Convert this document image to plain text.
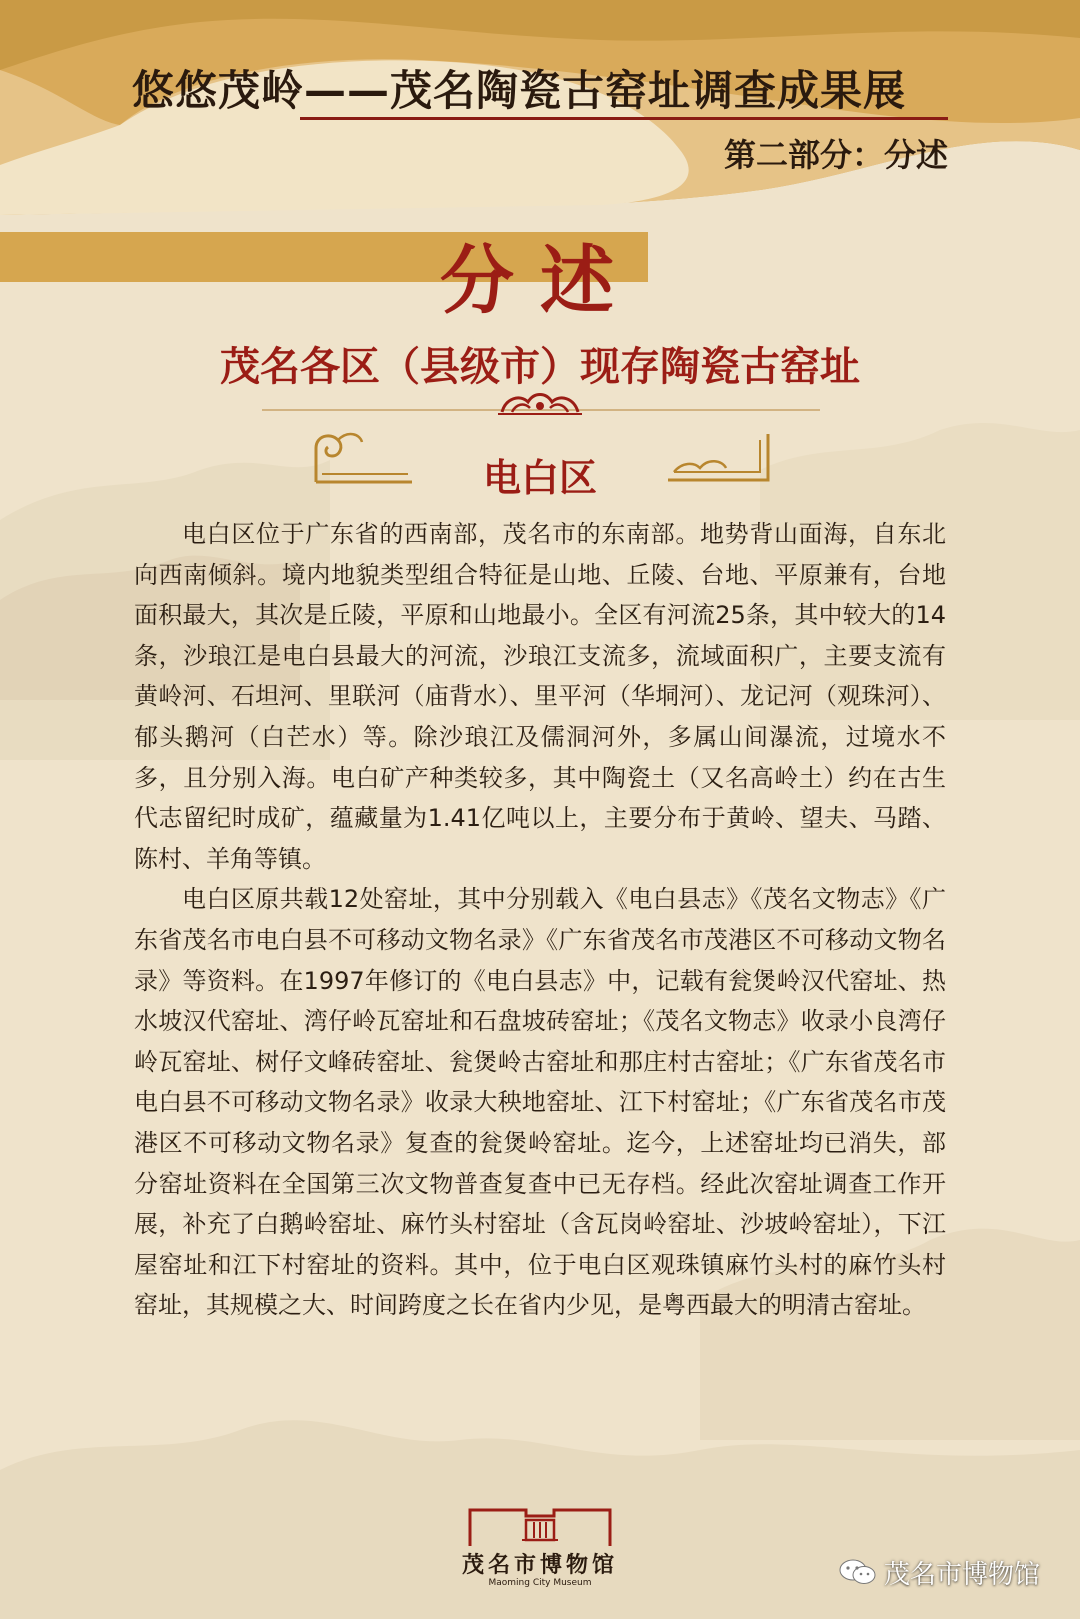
悠悠茂岭——茂名陶瓷古窑址调查成果展
第二部分：分述
分述
茂名各区（县级市）现存陶瓷古窑址
电白区

电白区位于广东省的西南部，茂名市的东南部。地势背山面海，自东北向西南倾斜。境内地貌类型组合特征是山地、丘陵、台地、平原兼有，台地面积最大，其次是丘陵，平原和山地最小。全区有河流25条，其中较大的14条，沙琅江是电白县最大的河流，沙琅江支流多，流域面积广，主要支流有黄岭河、石坦河、里联河（庙背水）、里平河（华垌河）、龙记河（观珠河）、郁头鹅河（白芒水）等。除沙琅江及儒洞河外，多属山间瀑流，过境水不多，且分别入海。电白矿产种类较多，其中陶瓷土（又名高岭土）约在古生代志留纪时成矿，蕴藏量为1.41亿吨以上，主要分布于黄岭、望夫、马踏、陈村、羊角等镇。

电白区原共载12处窑址，其中分别载入《电白县志》《茂名文物志》《广东省茂名市电白县不可移动文物名录》《广东省茂名市茂港区不可移动文物名录》等资料。在1997年修订的《电白县志》中，记载有瓮煲岭汉代窑址、热水坡汉代窑址、湾仔岭瓦窑址和石盘坡砖窑址；《茂名文物志》收录小良湾仔岭瓦窑址、树仔文峰砖窑址、瓮煲岭古窑址和那庄村古窑址；《广东省茂名市电白县不可移动文物名录》收录大秧地窑址、江下村窑址；《广东省茂名市茂港区不可移动文物名录》复查的瓮煲岭窑址。迄今，上述窑址均已消失，部分窑址资料在全国第三次文物普查复查中已无存档。经此次窑址调查工作开展，补充了白鹅岭窑址、麻竹头村窑址（含瓦岗岭窑址、沙坡岭窑址），下江屋窑址和江下村窑址的资料。其中，位于电白区观珠镇麻竹头村的麻竹头村窑址，其规模之大、时间跨度之长在省内少见，是粤西最大的明清古窑址。

茂名市博物馆
Maoming City Museum	茂名市博物馆
